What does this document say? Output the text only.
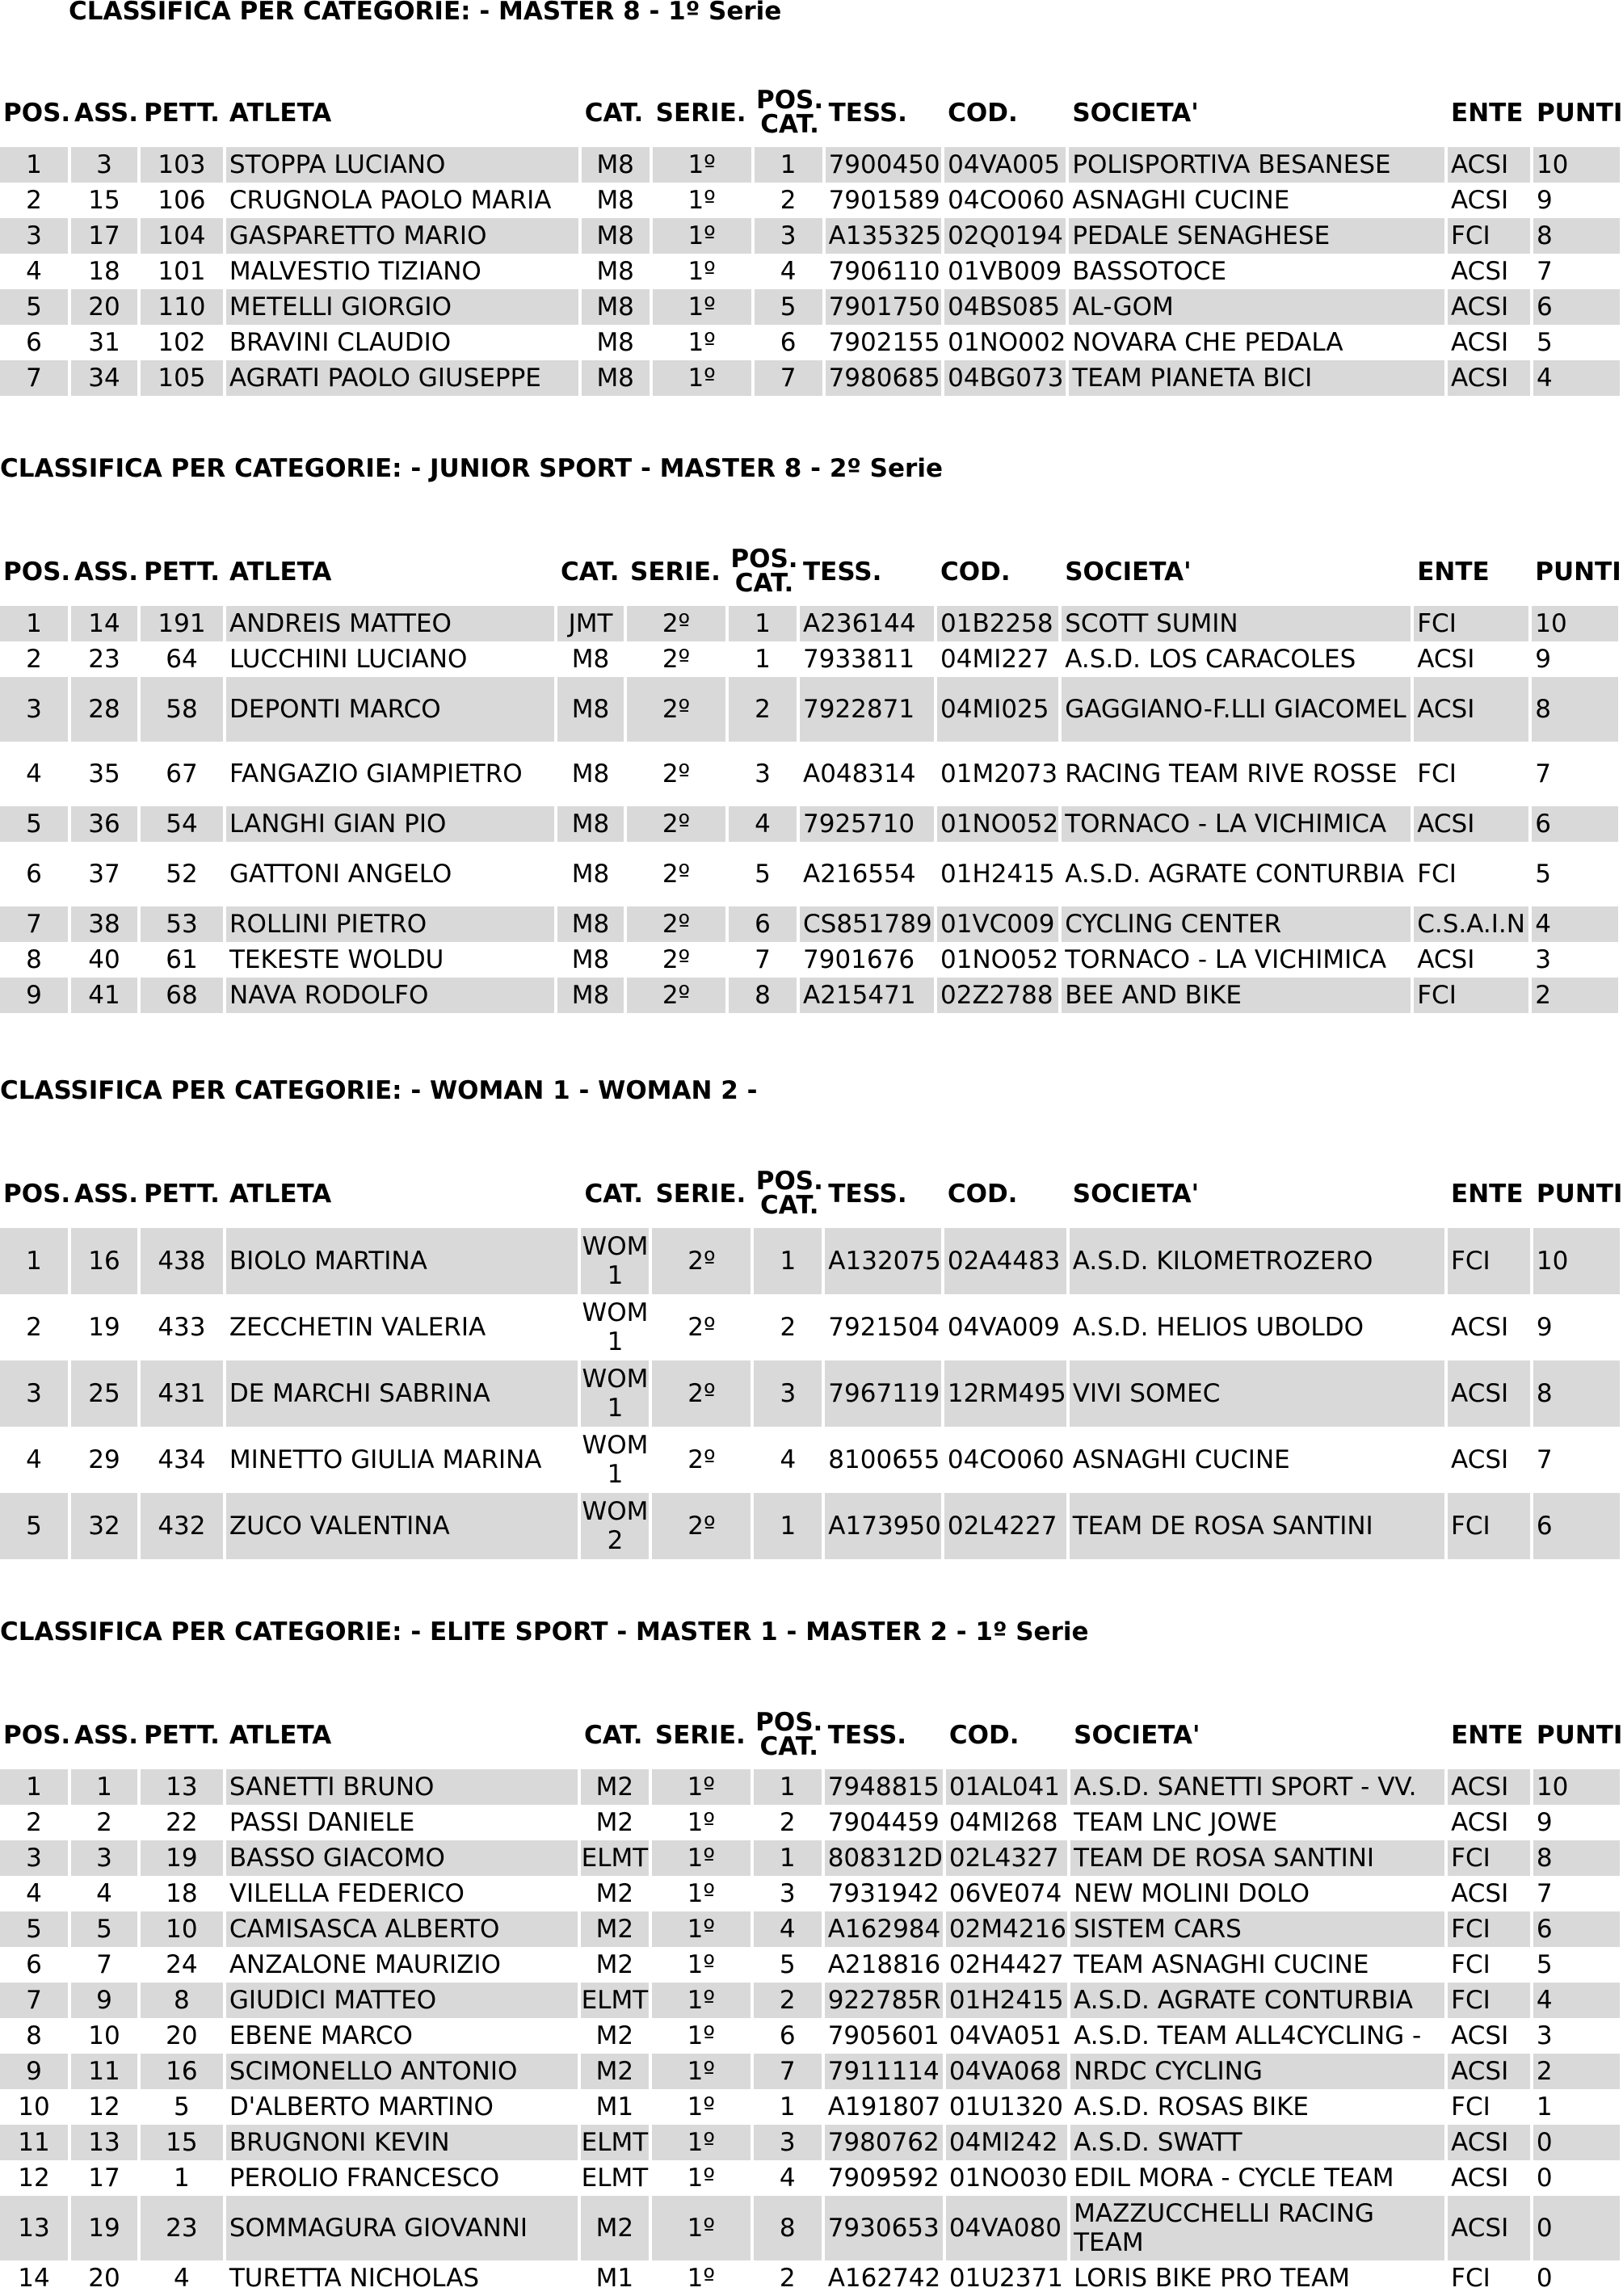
CLASSIFICA PER CATEGORIE: - MASTER 8 - 1º Serie
POS.	ASS.	PETT.	ATLETA	CAT.	SERIE.	POS.
CAT.	TESS.	COD.	SOCIETA'	ENTE	PUNTI
1	3	103	STOPPA LUCIANO	M8	1º	1	7900450	04VA005	POLISPORTIVA BESANESE	ACSI	10
2	15	106	CRUGNOLA PAOLO MARIA	M8	1º	2	7901589	04CO060	ASNAGHI CUCINE	ACSI	9
3	17	104	GASPARETTO MARIO	M8	1º	3	A135325	02Q0194	PEDALE SENAGHESE	FCI	8
4	18	101	MALVESTIO TIZIANO	M8	1º	4	7906110	01VB009	BASSOTOCE	ACSI	7
5	20	110	METELLI GIORGIO	M8	1º	5	7901750	04BS085	AL-GOM	ACSI	6
6	31	102	BRAVINI CLAUDIO	M8	1º	6	7902155	01NO002	NOVARA CHE PEDALA	ACSI	5
7	34	105	AGRATI PAOLO GIUSEPPE	M8	1º	7	7980685	04BG073	TEAM PIANETA BICI	ACSI	4
CLASSIFICA PER CATEGORIE: - JUNIOR SPORT - MASTER 8 - 2º Serie
POS.	ASS.	PETT.	ATLETA	CAT.	SERIE.	POS.
CAT.	TESS.	COD.	SOCIETA'	ENTE	PUNTI
1	14	191	ANDREIS MATTEO	JMT	2º	1	A236144	01B2258	SCOTT SUMIN	FCI	10
2	23	64	LUCCHINI LUCIANO	M8	2º	1	7933811	04MI227	A.S.D. LOS CARACOLES	ACSI	9
3	28	58	DEPONTI MARCO	M8	2º	2	7922871	04MI025	GAGGIANO-F.LLI GIACOMEL	ACSI	8
4	35	67	FANGAZIO GIAMPIETRO	M8	2º	3	A048314	01M2073	RACING TEAM RIVE ROSSE	FCI	7
5	36	54	LANGHI GIAN PIO	M8	2º	4	7925710	01NO052	TORNACO - LA VICHIMICA	ACSI	6
6	37	52	GATTONI ANGELO	M8	2º	5	A216554	01H2415	A.S.D. AGRATE CONTURBIA	FCI	5
7	38	53	ROLLINI PIETRO	M8	2º	6	CS851789	01VC009	CYCLING CENTER	C.S.A.I.N	4
8	40	61	TEKESTE WOLDU	M8	2º	7	7901676	01NO052	TORNACO - LA VICHIMICA	ACSI	3
9	41	68	NAVA RODOLFO	M8	2º	8	A215471	02Z2788	BEE AND BIKE	FCI	2
CLASSIFICA PER CATEGORIE: - WOMAN 1 - WOMAN 2 -
POS.	ASS.	PETT.	ATLETA	CAT.	SERIE.	POS.
CAT.	TESS.	COD.	SOCIETA'	ENTE	PUNTI
1	16	438	BIOLO MARTINA	WOM 1	2º	1	A132075	02A4483	A.S.D. KILOMETROZERO	FCI	10
2	19	433	ZECCHETIN VALERIA	WOM 1	2º	2	7921504	04VA009	A.S.D. HELIOS UBOLDO	ACSI	9
3	25	431	DE MARCHI SABRINA	WOM 1	2º	3	7967119	12RM495	VIVI SOMEC	ACSI	8
4	29	434	MINETTO GIULIA MARINA	WOM 1	2º	4	8100655	04CO060	ASNAGHI CUCINE	ACSI	7
5	32	432	ZUCO VALENTINA	WOM 2	2º	1	A173950	02L4227	TEAM DE ROSA SANTINI	FCI	6
CLASSIFICA PER CATEGORIE: - ELITE SPORT - MASTER 1 - MASTER 2 - 1º Serie
POS.	ASS.	PETT.	ATLETA	CAT.	SERIE.	POS.
CAT.	TESS.	COD.	SOCIETA'	ENTE	PUNTI
1	1	13	SANETTI BRUNO	M2	1º	1	7948815	01AL041	A.S.D. SANETTI SPORT - VV.	ACSI	10
2	2	22	PASSI DANIELE	M2	1º	2	7904459	04MI268	TEAM LNC JOWE	ACSI	9
3	3	19	BASSO GIACOMO	ELMT	1º	1	808312D	02L4327	TEAM DE ROSA SANTINI	FCI	8
4	4	18	VILELLA FEDERICO	M2	1º	3	7931942	06VE074	NEW MOLINI DOLO	ACSI	7
5	5	10	CAMISASCA ALBERTO	M2	1º	4	A162984	02M4216	SISTEM CARS	FCI	6
6	7	24	ANZALONE MAURIZIO	M2	1º	5	A218816	02H4427	TEAM ASNAGHI CUCINE	FCI	5
7	9	8	GIUDICI MATTEO	ELMT	1º	2	922785R	01H2415	A.S.D. AGRATE CONTURBIA	FCI	4
8	10	20	EBENE MARCO	M2	1º	6	7905601	04VA051	A.S.D. TEAM ALL4CYCLING -	ACSI	3
9	11	16	SCIMONELLO ANTONIO	M2	1º	7	7911114	04VA068	NRDC CYCLING	ACSI	2
10	12	5	D'ALBERTO MARTINO	M1	1º	1	A191807	01U1320	A.S.D. ROSAS BIKE	FCI	1
11	13	15	BRUGNONI KEVIN	ELMT	1º	3	7980762	04MI242	A.S.D. SWATT	ACSI	0
12	17	1	PEROLIO FRANCESCO	ELMT	1º	4	7909592	01NO030	EDIL MORA - CYCLE TEAM	ACSI	0
13	19	23	SOMMAGURA GIOVANNI	M2	1º	8	7930653	04VA080	MAZZUCCHELLI RACING TEAM	ACSI	0
14	20	4	TURETTA NICHOLAS	M1	1º	2	A162742	01U2371	LORIS BIKE PRO TEAM	FCI	0
